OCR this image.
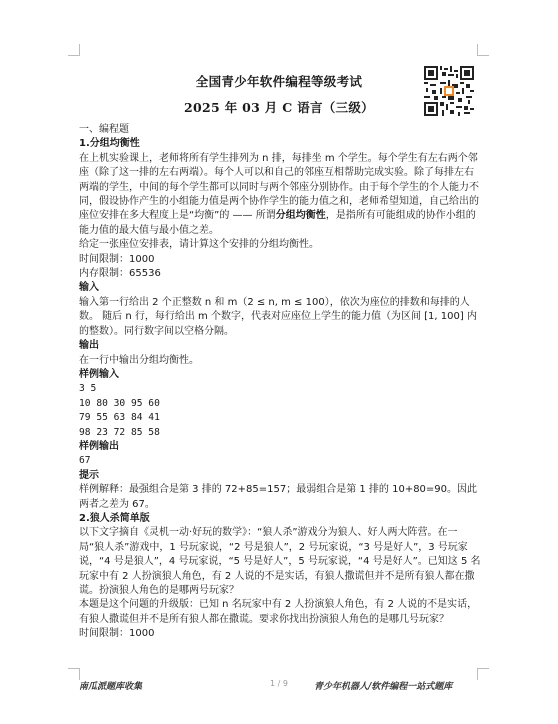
全国青少年软件编程等级考试
2025 年 03 月 C 语言（三级）

一、编程题

1.分组均衡性

在上机实验课上，老师将所有学生排列为 n 排，每排坐 m 个学生。每个学生有左右两个邻座（除了这一排的左右两端）。每个人可以和自己的邻座互相帮助完成实验。除了每排左右两端的学生，中间的每个学生都可以同时与两个邻座分别协作。由于每个学生的个人能力不同，假设协作产生的小组能力值是两个协作学生的能力值之和，老师希望知道，自己给出的座位安排在多大程度上是“均衡”的 —— 所谓分组均衡性，是指所有可能组成的协作小组的能力值的最大值与最小值之差。

给定一张座位安排表，请计算这个安排的分组均衡性。

时间限制：1000

内存限制：65536

输入

输入第一行给出 2 个正整数 n 和 m（2 ≤ n, m ≤ 100），依次为座位的排数和每排的人数。 随后 n 行，每行给出 m 个数字，代表对应座位上学生的能力值（为区间 [1, 100] 内的整数）。同行数字间以空格分隔。

输出

在一行中输出分组均衡性。

样例输入

3 5

10 80 30 95 60

79 55 63 84 41

98 23 72 85 58

样例输出

67

提示

样例解释：最强组合是第 3 排的 72+85=157；最弱组合是第 1 排的 10+80=90。因此两者之差为 67。

2.狼人杀简单版

以下文字摘自《灵机一动·好玩的数学》：“狼人杀”游戏分为狼人、好人两大阵营。在一局“狼人杀”游戏中，1 号玩家说，“2 号是狼人”，2 号玩家说，“3 号是好人”，3 号玩家说，“4 号是狼人”，4 号玩家说，“5 号是好人”，5 号玩家说，“4 号是好人”。已知这 5 名玩家中有 2 人扮演狼人角色，有 2 人说的不是实话，有狼人撒谎但并不是所有狼人都在撒谎。扮演狼人角色的是哪两号玩家？

本题是这个问题的升级版：已知 n 名玩家中有 2 人扮演狼人角色，有 2 人说的不是实话，有狼人撒谎但并不是所有狼人都在撒谎。要求你找出扮演狼人角色的是哪几号玩家？

时间限制：1000

南瓜派题库收集	1 / 9	青少年机器人/软件编程一站式题库
